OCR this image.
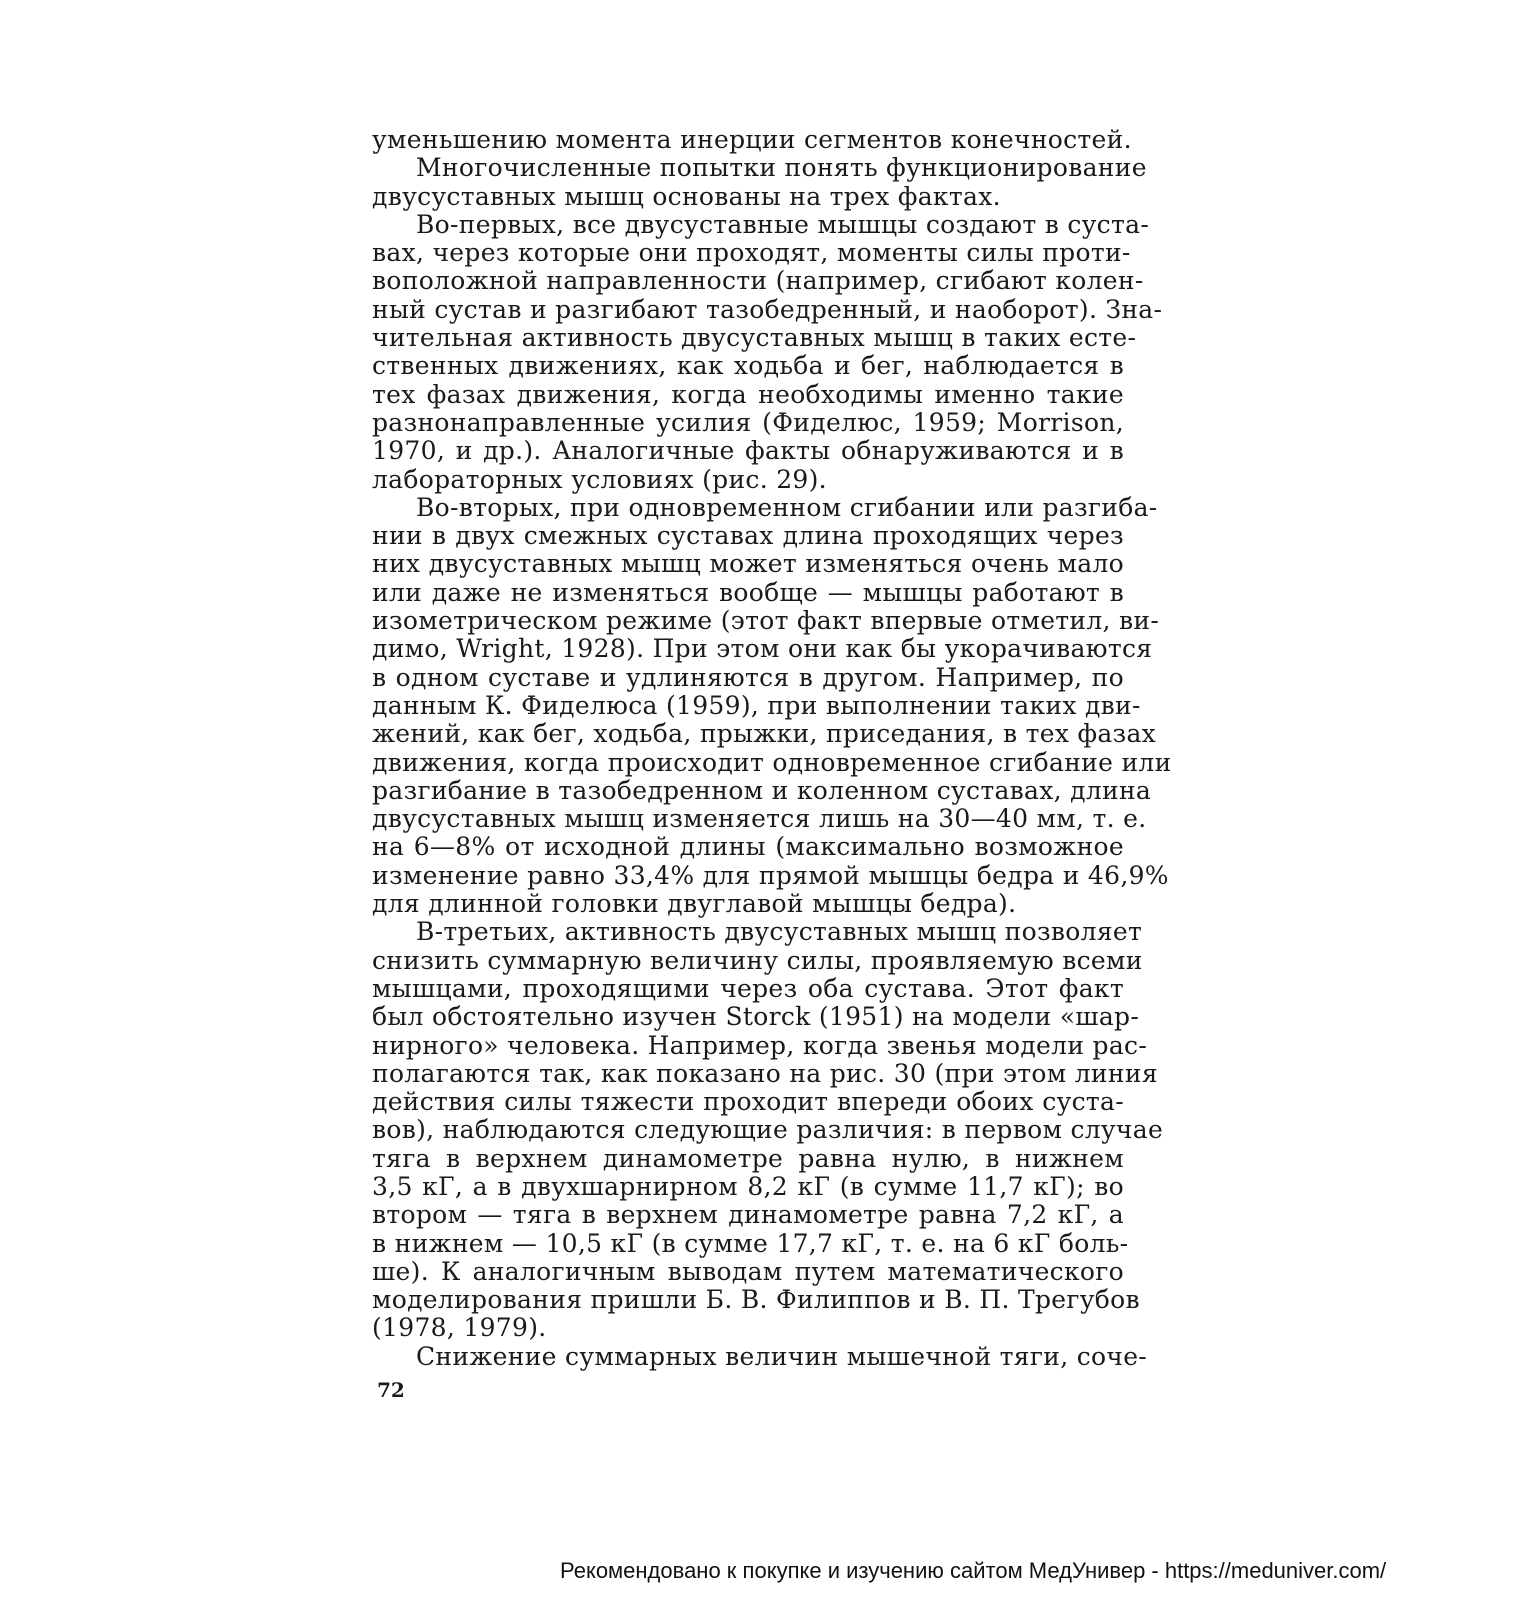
уменьшению момента инерции сегментов конечностей.
Многочисленные попытки понять функционирование
двусуставных мышц основаны на трех фактах.
Во-первых, все двусуставные мышцы создают в суста-
вах, через которые они проходят, моменты силы проти-
воположной направленности (например, сгибают колен-
ный сустав и разгибают тазобедренный, и наоборот). Зна-
чительная активность двусуставных мышц в таких есте-
ственных движениях, как ходьба и бег, наблюдается в
тех фазах движения, когда необходимы именно такие
разнонаправленные усилия (Фиделюс, 1959; Morrison,
1970, и др.). Аналогичные факты обнаруживаются и в
лабораторных условиях (рис. 29).
Во-вторых, при одновременном сгибании или разгиба-
нии в двух смежных суставах длина проходящих через
них двусуставных мышц может изменяться очень мало
или даже не изменяться вообще — мышцы работают в
изометрическом режиме (этот факт впервые отметил, ви-
димо, Wright, 1928). При этом они как бы укорачиваются
в одном суставе и удлиняются в другом. Например, по
данным К. Фиделюса (1959), при выполнении таких дви-
жений, как бег, ходьба, прыжки, приседания, в тех фазах
движения, когда происходит одновременное сгибание или
разгибание в тазобедренном и коленном суставах, длина
двусуставных мышц изменяется лишь на 30—40 мм, т. е.
на 6—8% от исходной длины (максимально возможное
изменение равно 33,4% для прямой мышцы бедра и 46,9%
для длинной головки двуглавой мышцы бедра).
В-третьих, активность двусуставных мышц позволяет
снизить суммарную величину силы, проявляемую всеми
мышцами, проходящими через оба сустава. Этот факт
был обстоятельно изучен Storck (1951) на модели «шар-
нирного» человека. Например, когда звенья модели рас-
полагаются так, как показано на рис. 30 (при этом линия
действия силы тяжести проходит впереди обоих суста-
вов), наблюдаются следующие различия: в первом случае
тяга в верхнем динамометре равна нулю, в нижнем
3,5 кГ, а в двухшарнирном 8,2 кГ (в сумме 11,7 кГ); во
втором — тяга в верхнем динамометре равна 7,2 кГ, а
в нижнем — 10,5 кГ (в сумме 17,7 кГ, т. е. на 6 кГ боль-
ше). К аналогичным выводам путем математического
моделирования пришли Б. В. Филиппов и В. П. Трегубов
(1978, 1979).
Снижение суммарных величин мышечной тяги, соче-
72
Рекомендовано к покупке и изучению сайтом МедУнивер - https://meduniver.com/
